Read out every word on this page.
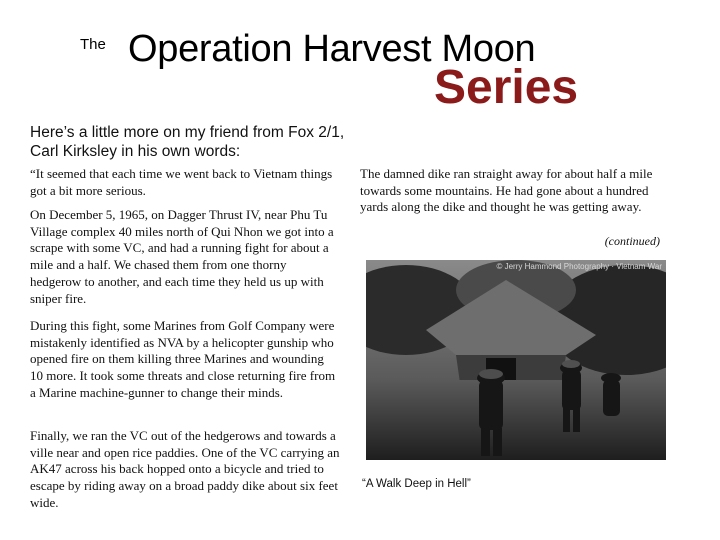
The Operation Harvest Moon
Series
Here’s a little more on my friend from Fox 2/1, Carl Kirksley in his own words:
“It seemed that each time we went back to Vietnam things got a bit more serious.
On December 5, 1965, on Dagger Thrust IV, near Phu Tu Village complex 40 miles north of Qui Nhon we got into a scrape with some VC, and had a running fight for about a mile and a half. We chased them from one thorny hedgerow to another, and each time they held us up with sniper fire.
During this fight, some Marines from Golf Company were mistakenly identified as NVA by a helicopter gunship who opened fire on them killing three Marines and wounding 10 more. It took some threats and close returning fire from a Marine machine-gunner to change their minds.
Finally, we ran the VC out of the hedgerows and towards a ville near and open rice paddies. One of the VC carrying an AK47 across his back hopped onto a bicycle and tried to escape by riding away on a broad paddy dike about six feet wide.
The damned dike ran straight away for about half a mile towards some mountains. He had gone about a hundred yards along the dike and thought he was getting away.
(continued)
© Jerry Hammond Photography · Vietnam War
“A Walk Deep in Hell”
